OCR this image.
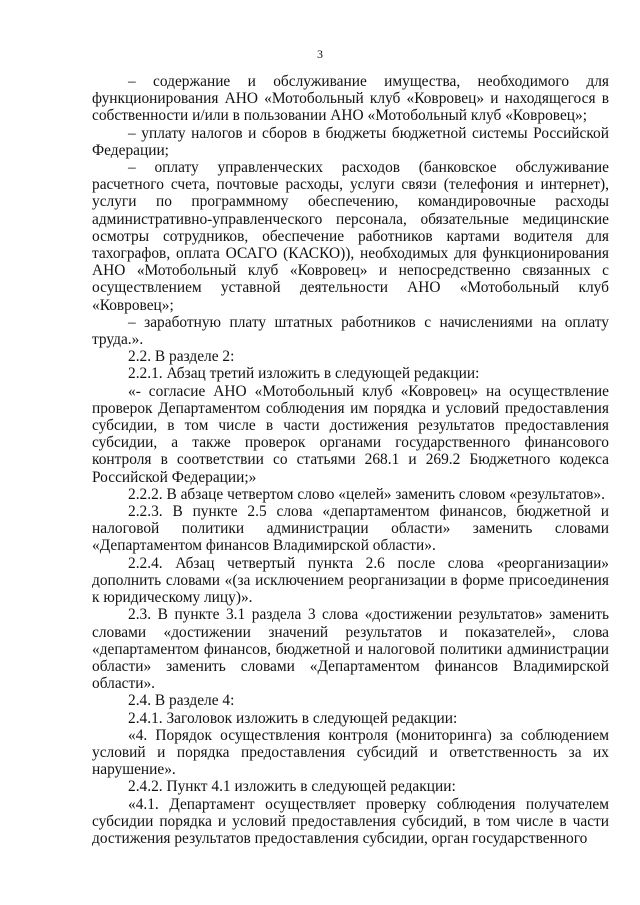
3

– содержание и обслуживание имущества, необходимого для функционирования АНО «Мотобольный клуб «Ковровец» и находящегося в собственности и/или в пользовании АНО «Мотобольный клуб «Ковровец»;

– уплату налогов и сборов в бюджеты бюджетной системы Российской Федерации;

– оплату управленческих расходов (банковское обслуживание расчетного счета, почтовые расходы, услуги связи (телефония и интернет), услуги по программному обеспечению, командировочные расходы административно-управленческого персонала, обязательные медицинские осмотры сотрудников, обеспечение работников картами водителя для тахографов, оплата ОСАГО (КАСКО)), необходимых для функционирования АНО «Мотобольный клуб «Ковровец» и непосредственно связанных с осуществлением уставной деятельности АНО «Мотобольный клуб «Ковровец»;

– заработную плату штатных работников с начислениями на оплату труда.».

2.2. В разделе 2:

2.2.1. Абзац третий изложить в следующей редакции:

«- согласие АНО «Мотобольный клуб «Ковровец» на осуществление проверок Департаментом соблюдения им порядка и условий предоставления субсидии, в том числе в части достижения результатов предоставления субсидии, а также проверок органами государственного финансового контроля в соответствии со статьями 268.1 и 269.2 Бюджетного кодекса Российской Федерации;»

2.2.2. В абзаце четвертом слово «целей» заменить словом «результатов».

2.2.3. В пункте 2.5 слова «департаментом финансов, бюджетной и налоговой политики администрации области» заменить словами «Департаментом финансов Владимирской области».

2.2.4. Абзац четвертый пункта 2.6 после слова «реорганизации» дополнить словами «(за исключением реорганизации в форме присоединения к юридическому лицу)».

2.3. В пункте 3.1 раздела 3 слова «достижении результатов» заменить словами «достижении значений результатов и показателей», слова «департаментом финансов, бюджетной и налоговой политики администрации области» заменить словами «Департаментом финансов Владимирской области».

2.4. В разделе 4:

2.4.1. Заголовок изложить в следующей редакции:

«4. Порядок осуществления контроля (мониторинга) за соблюдением условий и порядка предоставления субсидий и ответственность за их нарушение».

2.4.2. Пункт 4.1 изложить в следующей редакции:

«4.1. Департамент осуществляет проверку соблюдения получателем субсидии порядка и условий предоставления субсидий, в том числе в части достижения результатов предоставления субсидии, орган государственного
